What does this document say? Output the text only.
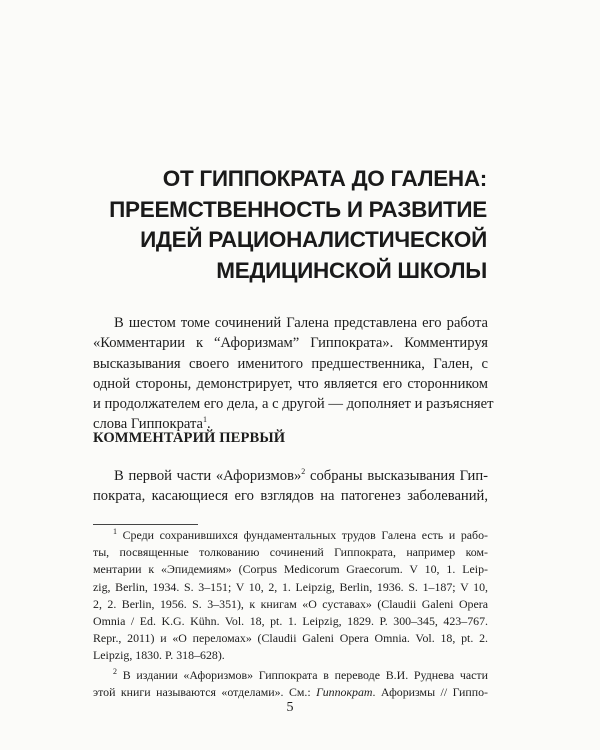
ОТ ГИППОКРАТА ДО ГАЛЕНА:
ПРЕЕМСТВЕННОСТЬ И РАЗВИТИЕ
ИДЕЙ РАЦИОНАЛИСТИЧЕСКОЙ
МЕДИЦИНСКОЙ ШКОЛЫ
В шестом томе сочинений Галена представлена его работа
«Комментарии к “Афоризмам” Гиппократа». Комментируя
высказывания своего именитого предшественника, Гален, с
одной стороны, демонстрирует, что является его сторонником
и продолжателем его дела, а с другой — дополняет и разъясняет
слова Гиппократа$^1$.
КОММЕНТАРИЙ ПЕРВЫЙ
В первой части «Афоризмов»$^2$ собраны высказывания Гип-
пократа, касающиеся его взглядов на патогенез заболеваний,
$^1$ Среди сохранившихся фундаментальных трудов Галена есть и рабо-
ты, посвященные толкованию сочинений Гиппократа, например ком-
ментарии к «Эпидемиям» (Corpus Medicorum Graecorum. V 10, 1. Leip-
zig, Berlin, 1934. S. 3–151; V 10, 2, 1. Leipzig, Berlin, 1936. S. 1–187; V 10,
2, 2. Berlin, 1956. S. 3–351), к книгам «О суставах» (Claudii Galeni Opera
Omnia / Ed. K.G. Kühn. Vol. 18, pt. 1. Leipzig, 1829. P. 300–345, 423–767.
Repr., 2011) и «О переломах» (Claudii Galeni Opera Omnia. Vol. 18, pt. 2.
Leipzig, 1830. P. 318–628).
$^2$ В издании «Афоризмов» Гиппократа в переводе В.И. Руднева части
этой книги называются «отделами». См.: Гиппократ. Афоризмы // Гиппо-
5
